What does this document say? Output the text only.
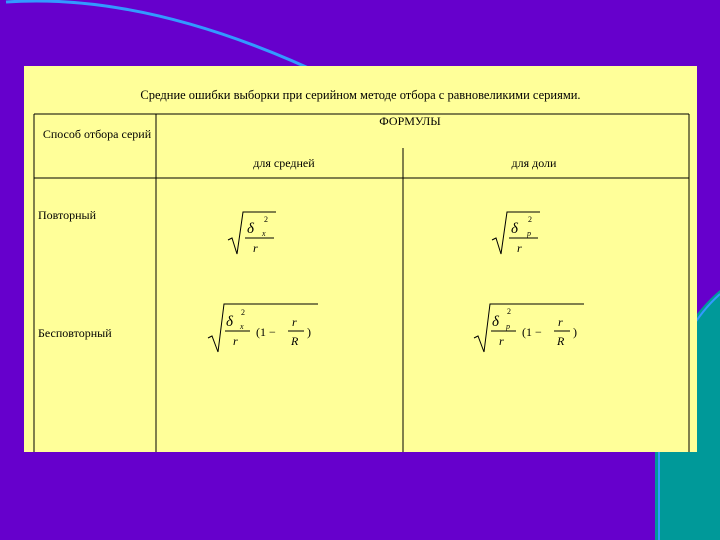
Средние ошибки выборки при серийном методе отбора с равновеликими сериями.
Способ отбора серий
ФОРМУЛЫ
для средней	для доли
Повторный
Бесповторный
δ
2
x
r
δ
2
p
r
δ
2
x
r
(1 −
r
R
)
δ
2
p
r
(1 −
r
R
)
